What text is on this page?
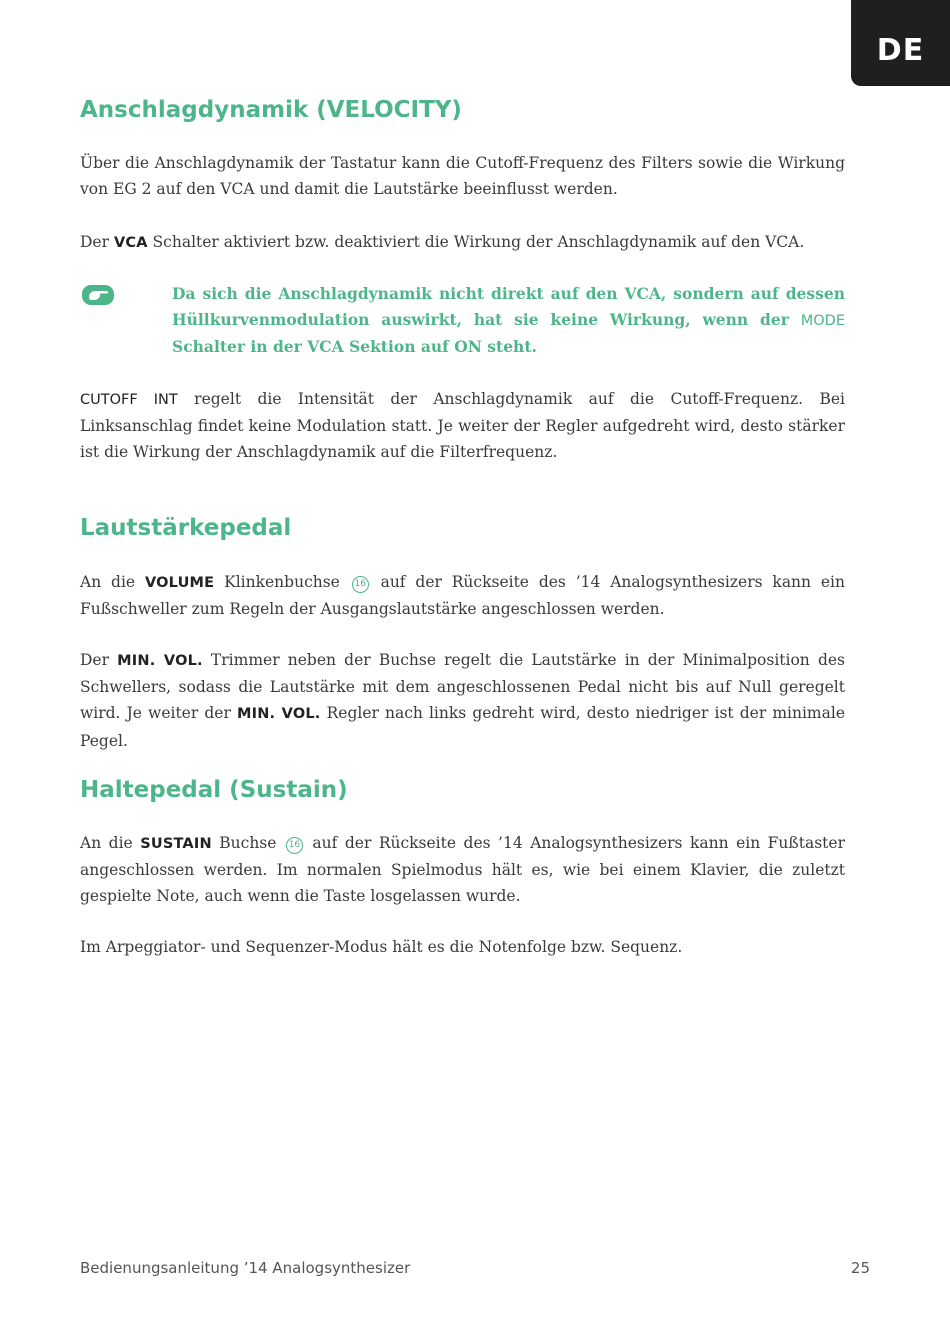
DE
Anschlagdynamik (VELOCITY)

Über die Anschlagdynamik der Tastatur kann die Cutoff-Frequenz des Filters sowie die Wirkung von EG 2 auf den VCA und damit die Lautstärke beeinflusst werden.

Der VCA Schalter aktiviert bzw. deaktiviert die Wirkung der Anschlagdynamik auf den VCA.

Da sich die Anschlagdynamik nicht direkt auf den VCA, sondern auf dessen Hüllkurvenmodulation auswirkt, hat sie keine Wirkung, wenn der MODE Schalter in der VCA Sektion auf ON steht.

CUTOFF INT regelt die Intensität der Anschlagdynamik auf die Cutoff-Frequenz. Bei Linksanschlag findet keine Modulation statt. Je weiter der Regler aufgedreht wird, desto stärker ist die Wirkung der Anschlagdynamik auf die Filterfrequenz.

Lautstärkepedal

An die VOLUME Klinkenbuchse 16 auf der Rückseite des ’14 Analogsynthesizers kann ein Fußschweller zum Regeln der Ausgangslautstärke angeschlossen werden.

Der MIN. VOL. Trimmer neben der Buchse regelt die Lautstärke in der Minimalposition des Schwellers, sodass die Lautstärke mit dem angeschlossenen Pedal nicht bis auf Null geregelt wird. Je weiter der MIN. VOL. Regler nach links gedreht wird, desto niedriger ist der minimale Pegel.

Haltepedal (Sustain)

An die SUSTAIN Buchse 16 auf der Rückseite des ’14 Analogsynthesizers kann ein Fußtaster angeschlossen werden. Im normalen Spielmodus hält es, wie bei einem Klavier, die zuletzt gespielte Note, auch wenn die Taste losgelassen wurde.

Im Arpeggiator- und Sequenzer-Modus hält es die Notenfolge bzw. Sequenz.

Bedienungsanleitung ’14 Analogsynthesizer	25
